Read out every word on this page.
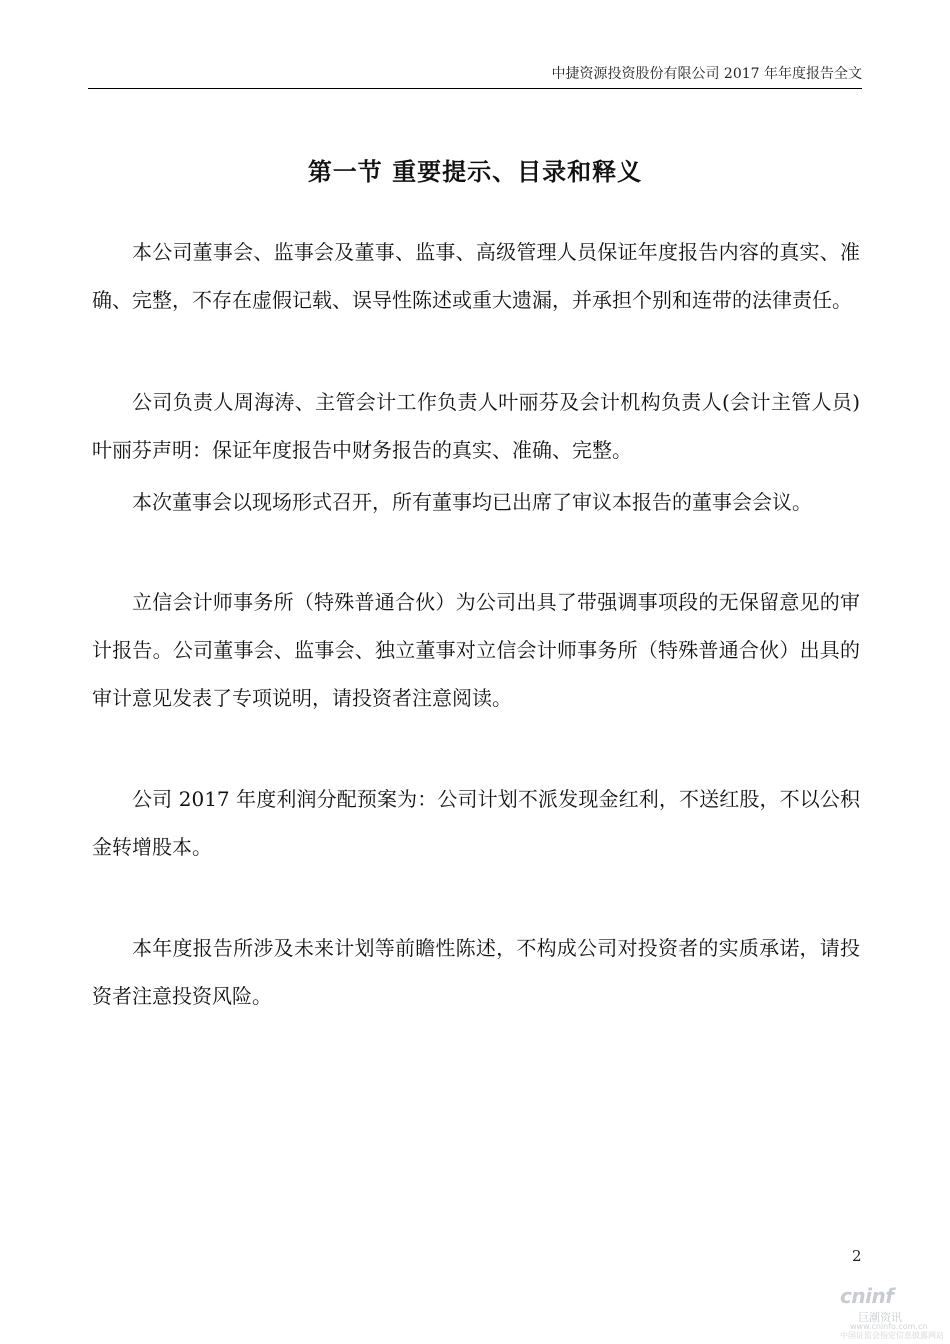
中捷资源投资股份有限公司 2017 年年度报告全文
第一节 重要提示、目录和释义

本公司董事会、监事会及董事、监事、高级管理人员保证年度报告内容的真实、准确、完整，不存在虚假记载、误导性陈述或重大遗漏，并承担个别和连带的法律责任。

公司负责人周海涛、主管会计工作负责人叶丽芬及会计机构负责人(会计主管人员)叶丽芬声明：保证年度报告中财务报告的真实、准确、完整。

本次董事会以现场形式召开，所有董事均已出席了审议本报告的董事会会议。

立信会计师事务所（特殊普通合伙）为公司出具了带强调事项段的无保留意见的审计报告。公司董事会、监事会、独立董事对立信会计师事务所（特殊普通合伙）出具的审计意见发表了专项说明，请投资者注意阅读。

公司 2017 年度利润分配预案为：公司计划不派发现金红利，不送红股，不以公积金转增股本。

本年度报告所涉及未来计划等前瞻性陈述，不构成公司对投资者的实质承诺，请投资者注意投资风险。

2
cninf
巨潮资讯
www.cninfo.com.cn
中国证监会指定信息披露网站
